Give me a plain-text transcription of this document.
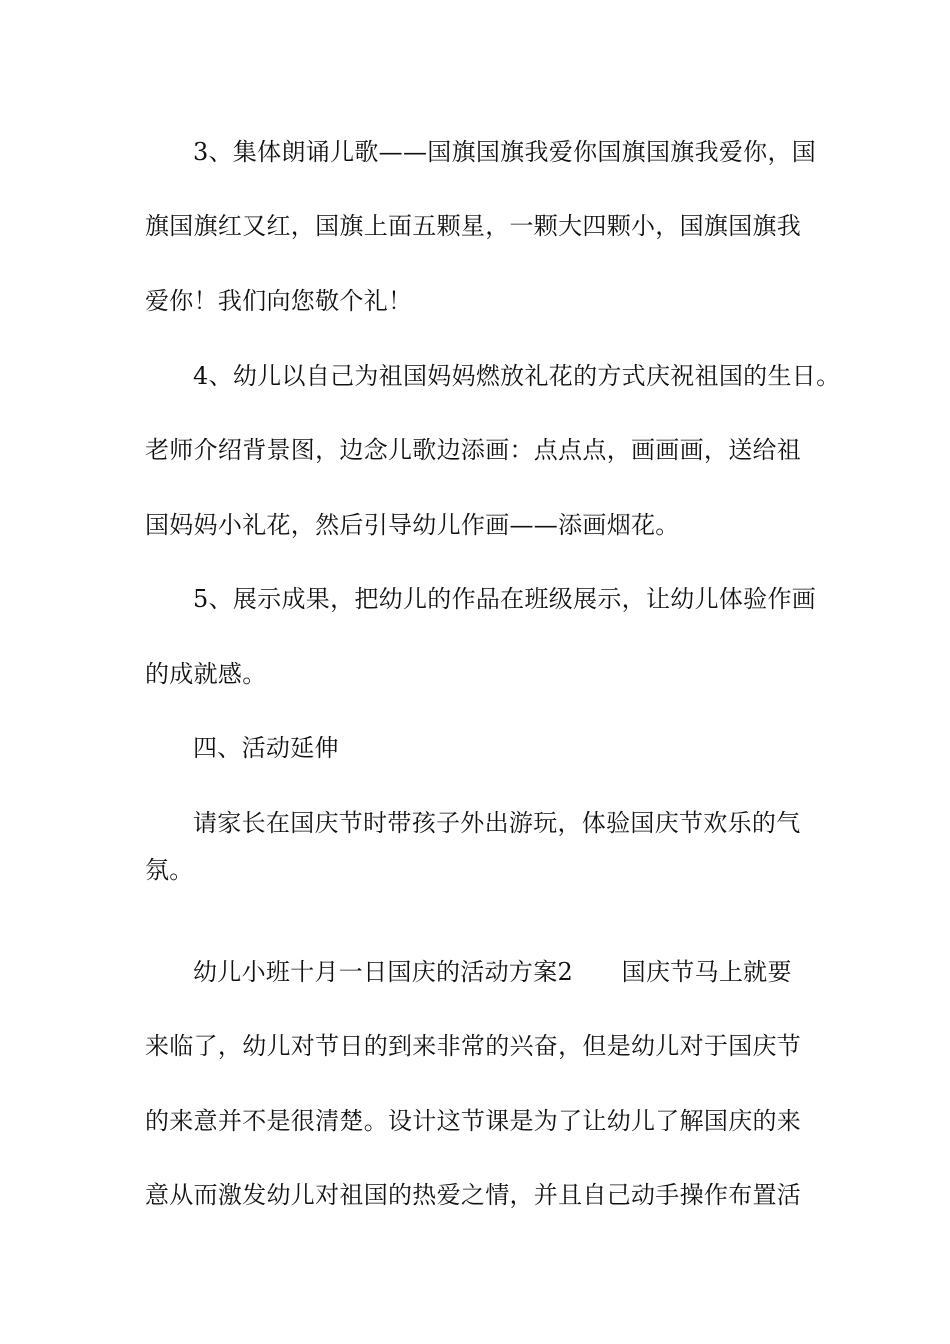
3、集体朗诵儿歌——国旗国旗我爱你国旗国旗我爱你，国
旗国旗红又红，国旗上面五颗星，一颗大四颗小，国旗国旗我
爱你！我们向您敬个礼！
4、幼儿以自己为祖国妈妈燃放礼花的方式庆祝祖国的生日。
老师介绍背景图，边念儿歌边添画：点点点，画画画，送给祖
国妈妈小礼花，然后引导幼儿作画——添画烟花。
5、展示成果，把幼儿的作品在班级展示，让幼儿体验作画
的成就感。
四、活动延伸
请家长在国庆节时带孩子外出游玩，体验国庆节欢乐的气
氛。
幼儿小班十月一日国庆的活动方案2　　国庆节马上就要
来临了，幼儿对节日的到来非常的兴奋，但是幼儿对于国庆节
的来意并不是很清楚。设计这节课是为了让幼儿了解国庆的来
意从而激发幼儿对祖国的热爱之情，并且自己动手操作布置活
